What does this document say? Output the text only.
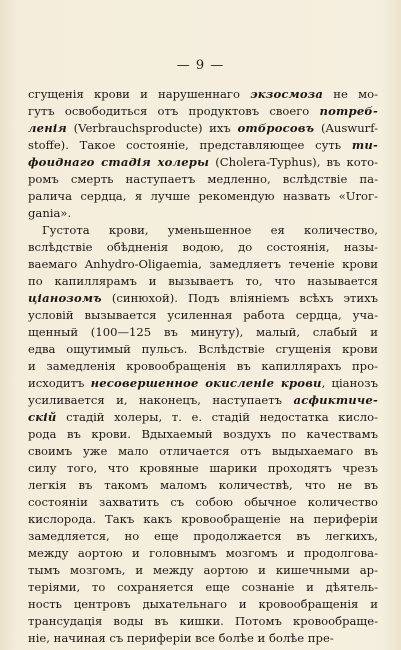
— 9 —
сгущенія крови и нарушеннаго экзосмоза не мо-
гутъ освободиться отъ продуктовъ своего потреб-
ленія (Verbrauchsproducte) ихъ отбросовъ (Auswurf-
stoffe). Такое состояніе, представляющее суть ти-
фоиднаго стадія холеры (Cholera-Typhus), въ кото-
ромъ смерть наступаетъ медленно, вслѣдствіе па-
ралича сердца, я лучше рекомендую назвать «Urог-
gania».
Густота крови, уменьшенное ея количество,
вслѣдствіе обѣдненія водою, до состоянія, назы-
ваемаго Anhydro-Oligaemia, замедляетъ теченіе крови
по капиллярамъ и вызываетъ то, что называется
ціанозомъ (синюхой). Подъ вліяніемъ всѣхъ этихъ
условій вызывается усиленная работа сердца, уча-
щенный (100—125 въ минуту), малый, слабый и
едва ощутимый пульсъ. Вслѣдствіе сгущенія крови
и замедленія кровообращенія въ капиллярахъ про-
исходитъ несовершенное окисленіе крови, ціанозъ
усиливается и, наконецъ, наступаетъ асфиктиче-
скій стадій холеры, т. е. стадій недостатка кисло-
рода въ крови. Вдыхаемый воздухъ по качествамъ
своимъ уже мало отличается отъ выдыхаемаго въ
силу того, что кровяные шарики проходятъ чрезъ
легкія въ такомъ маломъ количествѣ, что не въ
состояніи захватить съ собою обычное количество
кислорода. Такъ какъ кровообращеніе на периферіи
замедляется, но еще продолжается въ легкихъ,
между аортою и головнымъ мозгомъ и продолгова-
тымъ мозгомъ, и между аортою и кишечными ар-
теріями, то сохраняется еще сознаніе и дѣятель-
ность центровъ дыхательнаго и кровообращенія и
трансудація воды въ кишки. Потомъ кровообраще-
ніе, начиная съ периферіи все болѣе и болѣе пре-
